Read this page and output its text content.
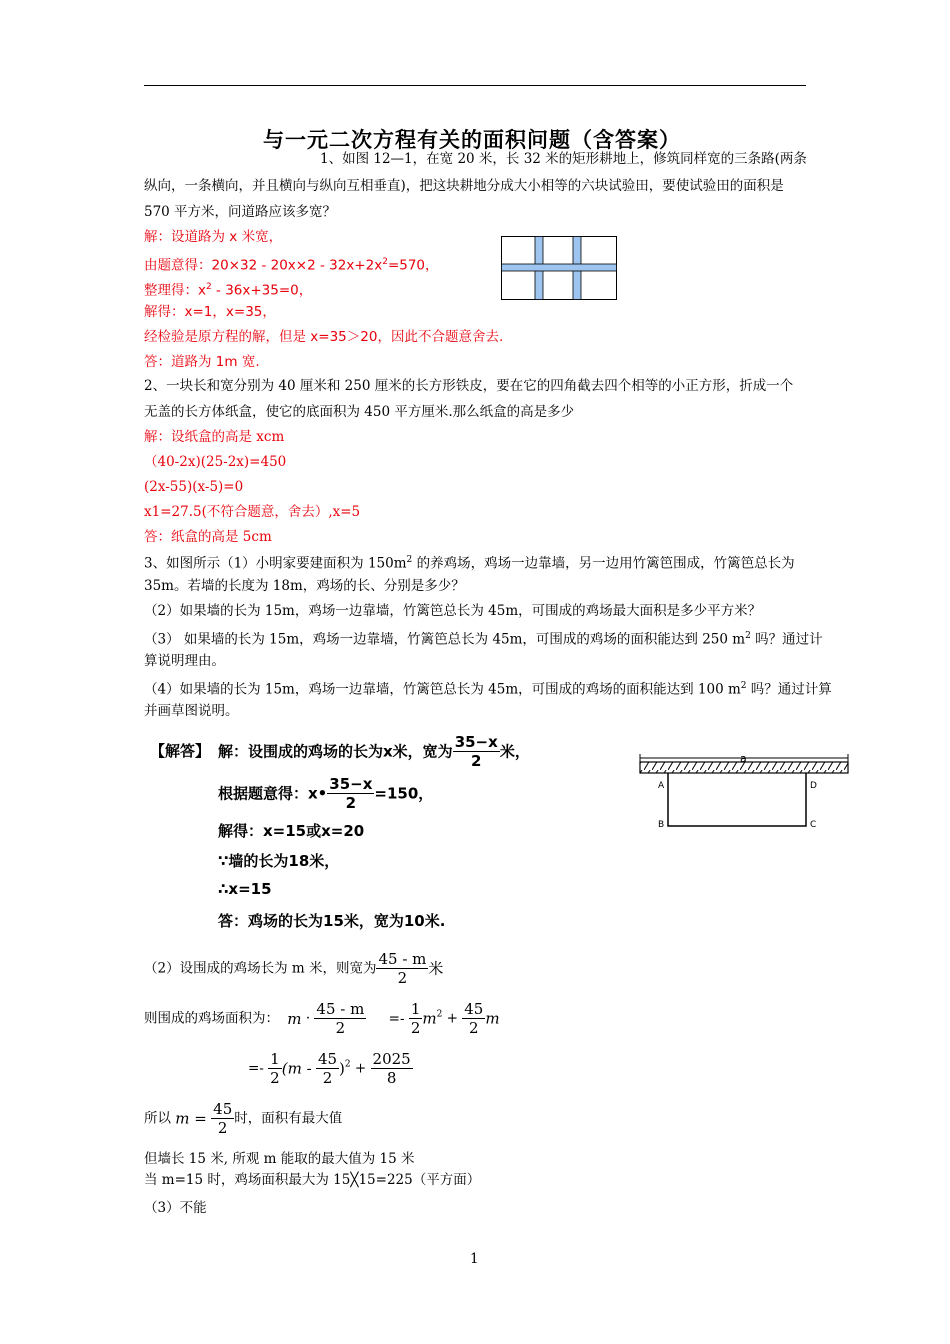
与一元二次方程有关的面积问题（含答案）
1、如图 12—1，在宽 20 米，长 32 米的矩形耕地上，修筑同样宽的三条路(两条
纵向，一条横向，并且横向与纵向互相垂直)，把这块耕地分成大小相等的六块试验田，要使试验田的面积是
570 平方米，问道路应该多宽？
解：设道路为 x 米宽，
由题意得：$20\times 32 - 20x\times 2 - 32x+2x^2=570$，
整理得：$x^2 - 36x+35=0$，
解得：x=1，x=35，
经检验是原方程的解，但是 x=35＞20，因此不合题意舍去.
答：道路为 1m 宽.
2、一块长和宽分别为 40 厘米和 250 厘米的长方形铁皮，要在它的四角截去四个相等的小正方形，折成一个
无盖的长方体纸盒，使它的底面积为 450 平方厘米.那么纸盒的高是多少
解：设纸盒的高是 xcm
（40-2x)(25-2x)=450
(2x-55)(x-5)=0
x1=27.5(不符合题意，舍去）,x=5
答：纸盒的高是 5cm
3、如图所示（1）小明家要建面积为 $150m^2$ 的养鸡场，鸡场一边靠墙，另一边用竹篱笆围成，竹篱笆总长为
35m。若墙的长度为 18m，鸡场的长、分别是多少？
（2）如果墙的长为 15m，鸡场一边靠墙，竹篱笆总长为 45m，可围成的鸡场最大面积是多少平方米？
（3） 如果墙的长为 15m，鸡场一边靠墙，竹篱笆总长为 45m，可围成的鸡场的面积能达到 250 $m^2$ 吗？通过计
算说明理由。
（4）如果墙的长为 15m，鸡场一边靠墙，竹篱笆总长为 45m，可围成的鸡场的面积能达到 100 $m^2$ 吗？通过计算
并画草图说明。
【解答】 解：设围成的鸡场的长为x米，宽为 $\frac{35-x}{2}$ 米，
根据题意得：x• $\frac{35-x}{2} =150$，
解得：x=15或x=20
∵墙的长为18米，
∴x=15
答：鸡场的长为15米，宽为10米.
a
A
B	C
D
（2）设围成的鸡场长为 m 米，则宽为 $\frac{45 - m}{2}$ 米
则围成的鸡场面积为： $m \cdot \frac{45 - m}{2} =- \frac{1}{2} m^2 + \frac{45}{2}$ m
=- $\frac{1}{2} (m - \frac{45}{2} )^2 + \frac{2025}{8}$
所以 $m = \frac{45}{2}$ 时，面积有最大值
但墙长 15 米, 所观 m 能取的最大值为 15 米
当 m=15 时，鸡场面积最大为 15╳15=225（平方面）
（3）不能
1
